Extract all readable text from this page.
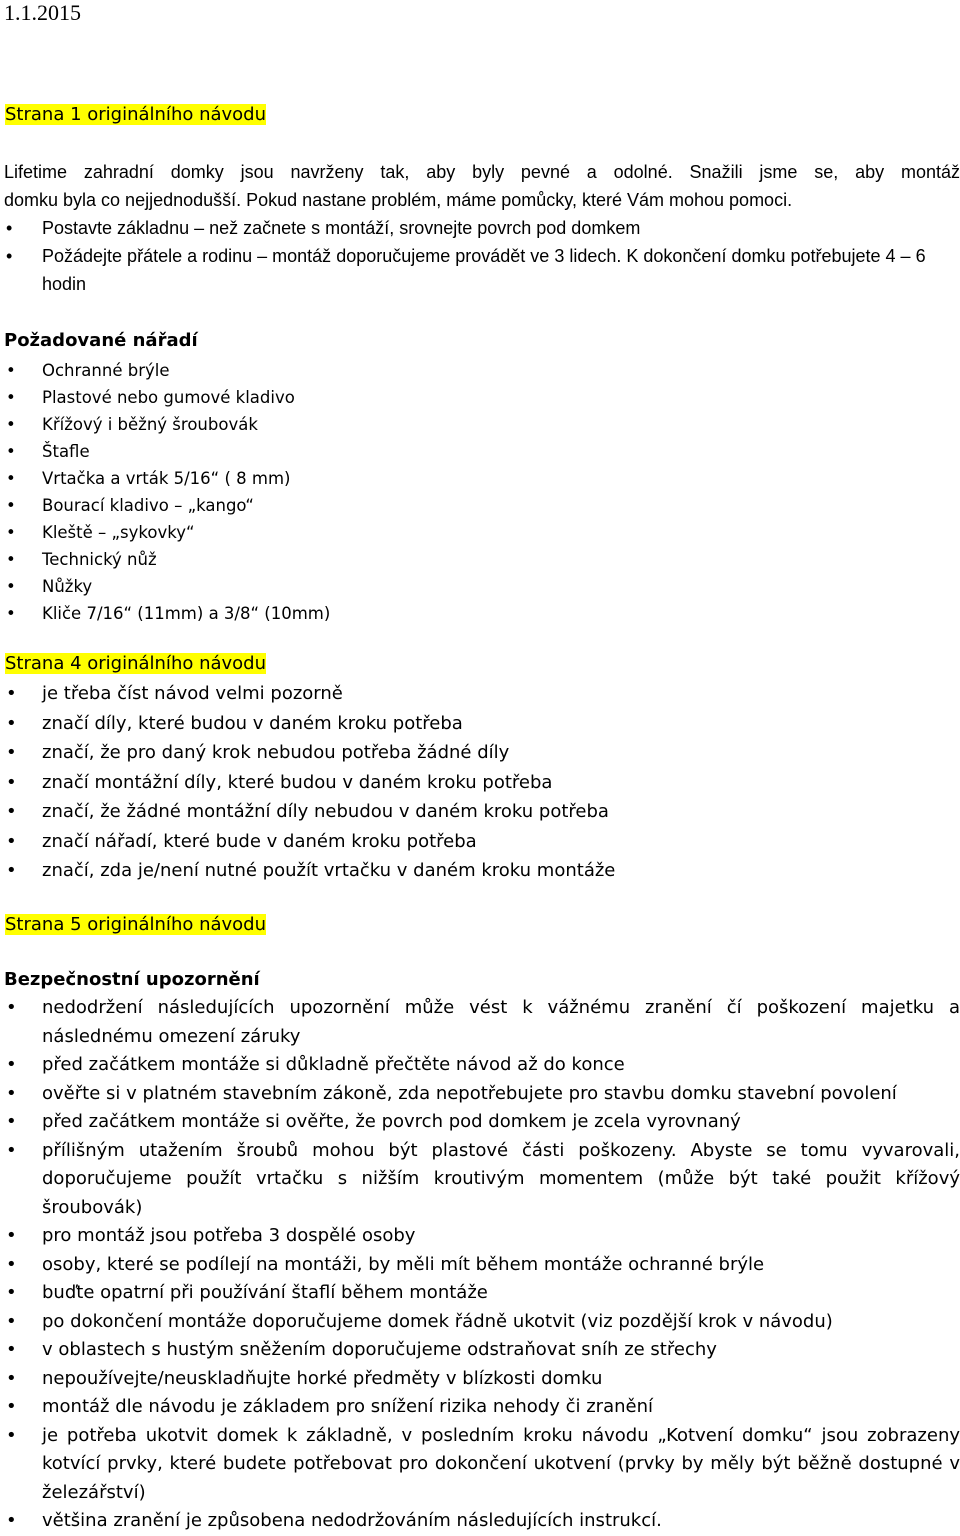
1.1.2015
Strana 1 originálního návodu
Lifetime zahradní domky jsou navrženy tak, aby byly pevné a odolné. Snažili jsme se, aby montáž
domku byla co nejjednodušší. Pokud nastane problém, máme pomůcky, které Vám mohou pomoci.
• Postavte základnu – než začnete s montáží, srovnejte povrch pod domkem
• Požádejte přátele a rodinu – montáž doporučujeme provádět ve 3 lidech. K dokončení domku potřebujete 4 – 6 hodin
Požadované nářadí
• Ochranné brýle
• Plastové nebo gumové kladivo
• Křížový i běžný šroubovák
• Štafle
• Vrtačka a vrták 5/16“ ( 8 mm)
• Bourací kladivo – „kango“
• Kleště – „sykovky“
• Technický nůž
• Nůžky
• Kliče 7/16“ (11mm) a 3/8“ (10mm)
Strana 4 originálního návodu
• je třeba číst návod velmi pozorně
• značí díly, které budou v daném kroku potřeba
• značí, že pro daný krok nebudou potřeba žádné díly
• značí montážní díly, které budou v daném kroku potřeba
• značí, že žádné montážní díly nebudou v daném kroku potřeba
• značí nářadí, které bude v daném kroku potřeba
• značí, zda je/není nutné použít vrtačku v daném kroku montáže
Strana 5 originálního návodu
Bezpečnostní upozornění
• nedodržení následujících upozornění může vést k vážnému zranění čí poškození majetku a následnému omezení záruky
• před začátkem montáže si důkladně přečtěte návod až do konce
• ověřte si v platném stavebním zákoně, zda nepotřebujete pro stavbu domku stavební povolení
• před začátkem montáže si ověřte, že povrch pod domkem je zcela vyrovnaný
• přílišným utažením šroubů mohou být plastové části poškozeny. Abyste se tomu vyvarovali, doporučujeme použít vrtačku s nižším kroutivým momentem (může být také použit křížový šroubovák)
• pro montáž jsou potřeba 3 dospělé osoby
• osoby, které se podílejí na montáži, by měli mít během montáže ochranné brýle
• buďte opatrní při používání štaflí během montáže
• po dokončení montáže doporučujeme domek řádně ukotvit (viz pozdější krok v návodu)
• v oblastech s hustým sněžením doporučujeme odstraňovat sníh ze střechy
• nepoužívejte/neuskladňujte horké předměty v blízkosti domku
• montáž dle návodu je základem pro snížení rizika nehody či zranění
• je potřeba ukotvit domek k základně, v posledním kroku návodu „Kotvení domku“ jsou zobrazeny kotvící prvky, které budete potřebovat pro dokončení ukotvení (prvky by měly být běžně dostupné v železářství)
• většina zranění je způsobena nedodržováním následujících instrukcí.
